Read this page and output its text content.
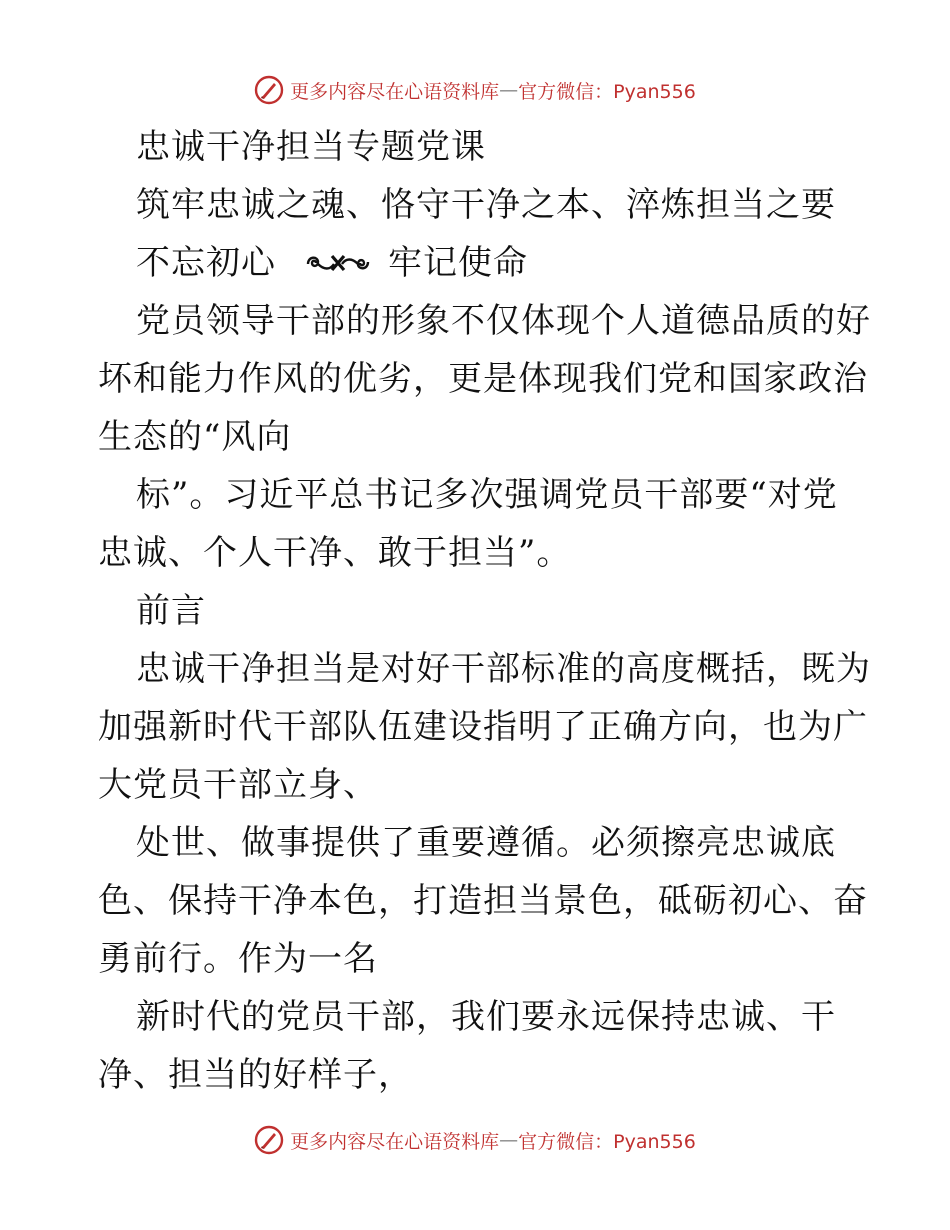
更多内容尽在心语资料库 — 官方微信：Pyan556
忠诚干净担当专题党课
筑牢忠诚之魂、恪守干净之本、淬炼担当之要
不忘初心	牢记使命
党员领导干部的形象不仅体现个人道德品质的好
坏和能力作风的优劣，更是体现我们党和国家政治
生态的“风向
标”。习近平总书记多次强调党员干部要“对党
忠诚、个人干净、敢于担当”。
前言
忠诚干净担当是对好干部标准的高度概括，既为
加强新时代干部队伍建设指明了正确方向，也为广
大党员干部立身、
处世、做事提供了重要遵循。必须擦亮忠诚底
色、保持干净本色，打造担当景色，砥砺初心、奋
勇前行。作为一名
新时代的党员干部，我们要永远保持忠诚、干
净、担当的好样子，
更多内容尽在心语资料库 — 官方微信：Pyan556
